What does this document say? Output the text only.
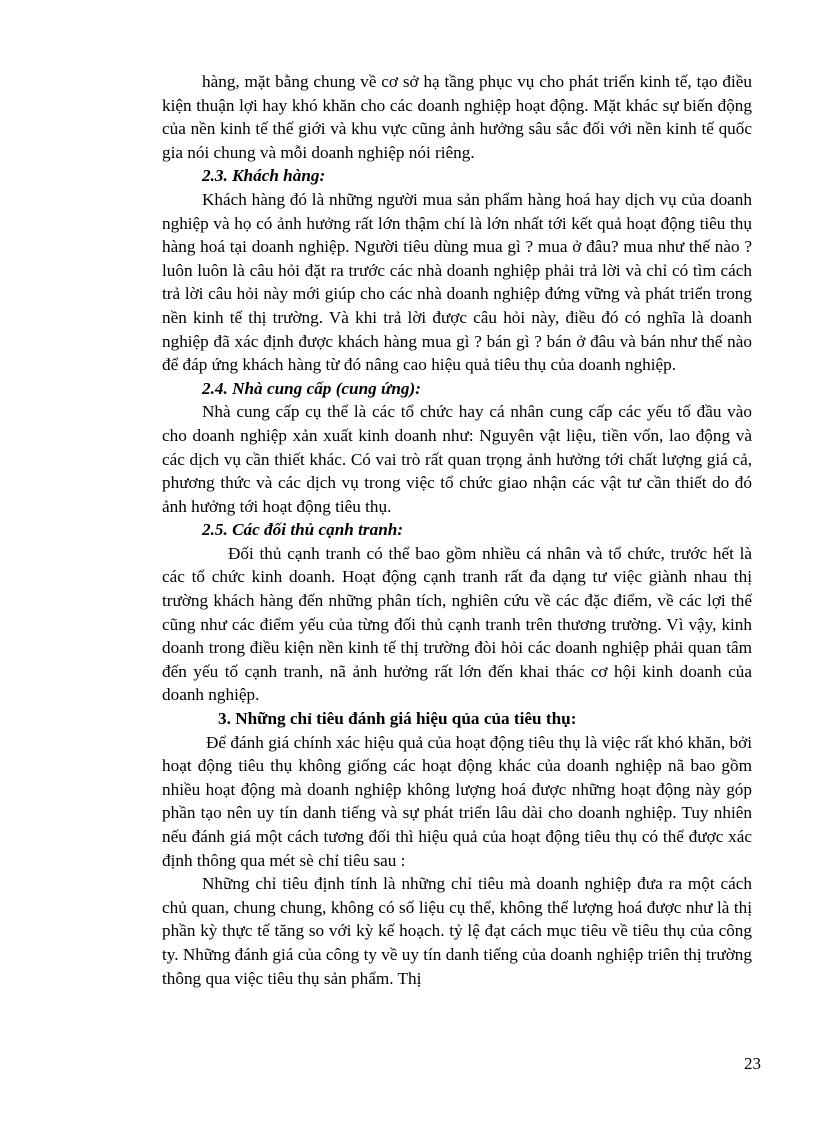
hàng, mặt bằng chung về cơ sở hạ tầng phục vụ cho phát triển kinh tế, tạo điều kiện thuận lợi hay khó khăn cho các doanh nghiệp hoạt động. Mặt khác sự biến động của nền kinh tế thế giới và khu vực cũng ảnh hưởng sâu sắc đối với nền kinh tế quốc gia nói chung và mỗi doanh nghiệp nói riêng.

2.3. Khách hàng:

Khách hàng đó là những người mua sản phẩm hàng hoá hay dịch vụ của doanh nghiệp và họ có ảnh hưởng rất lớn thậm chí là lớn nhất tới kết quả hoạt động tiêu thụ hàng hoá tại doanh nghiệp. Người tiêu dùng mua gì ? mua ở đâu? mua như thế nào ? luôn luôn là câu hỏi đặt ra trước các nhà doanh nghiệp phải trả lời và chỉ có tìm cách trả lời câu hỏi này mới giúp cho các nhà doanh nghiệp đứng vững và phát triển trong nền kinh tế thị trường. Và khi trả lời được câu hỏi này, điều đó có nghĩa là doanh nghiệp đã xác định được khách hàng mua gì ? bán gì ? bán ở đâu và bán như thế nào để đáp ứng khách hàng từ đó nâng cao hiệu quả tiêu thụ của doanh nghiệp.

2.4. Nhà cung cấp (cung ứng):

Nhà cung cấp cụ thể là các tổ chức hay cá nhân cung cấp các yếu tố đầu vào cho doanh nghiệp xản xuất kinh doanh như: Nguyên vật liệu, tiền vốn, lao động và các dịch vụ cần thiết khác. Có vai trò rất quan trọng ảnh hưởng tới chất lượng giá cả, phương thức và các dịch vụ trong việc tổ chức giao nhận các vật tư cần thiết do đó ảnh hưởng tới hoạt động tiêu thụ.

2.5. Các đối thủ cạnh tranh:

Đối thủ cạnh tranh có thể bao gồm nhiều cá nhân và tổ chức, trước hết là các tổ chức kinh doanh. Hoạt động cạnh tranh rất đa dạng tư việc giành nhau thị trường khách hàng đến những phân tích, nghiên cứu về các đặc điểm, về các lợi thế cũng như các điểm yếu của từng đối thủ cạnh tranh trên thương trường. Vì vậy, kinh doanh trong điều kiện nền kinh tế thị trường đòi hỏi các doanh nghiệp phải quan tâm đến yếu tố cạnh tranh, nã ảnh hưởng rất lớn đến khai thác cơ hội kinh doanh của doanh nghiệp.

3. Những chỉ tiêu đánh giá hiệu qủa của tiêu thụ:

Để đánh giá chính xác hiệu quả của hoạt động tiêu thụ là việc rất khó khăn, bởi hoạt động tiêu thụ không giống các hoạt động khác của doanh nghiệp nã bao gồm nhiều hoạt động mà doanh nghiệp không lượng hoá được những hoạt động này góp phần tạo nên uy tín danh tiếng và sự phát triển lâu dài cho doanh nghiệp. Tuy nhiên nếu đánh giá một cách tương đối thì hiệu quả của hoạt động tiêu thụ có thể được xác định thông qua mét sè chỉ tiêu sau :

Những chỉ tiêu định tính là những chỉ tiêu mà doanh nghiệp đưa ra một cách chủ quan, chung chung, không có số liệu cụ thể, không thể lượng hoá được như là thị phần kỳ thực tế tăng so với kỳ kế hoạch. tỷ lệ đạt cách mục tiêu về tiêu thụ của công ty. Những đánh giá của công ty về uy tín danh tiếng của doanh nghiệp triên thị trường thông qua việc tiêu thụ sản phẩm. Thị

23
